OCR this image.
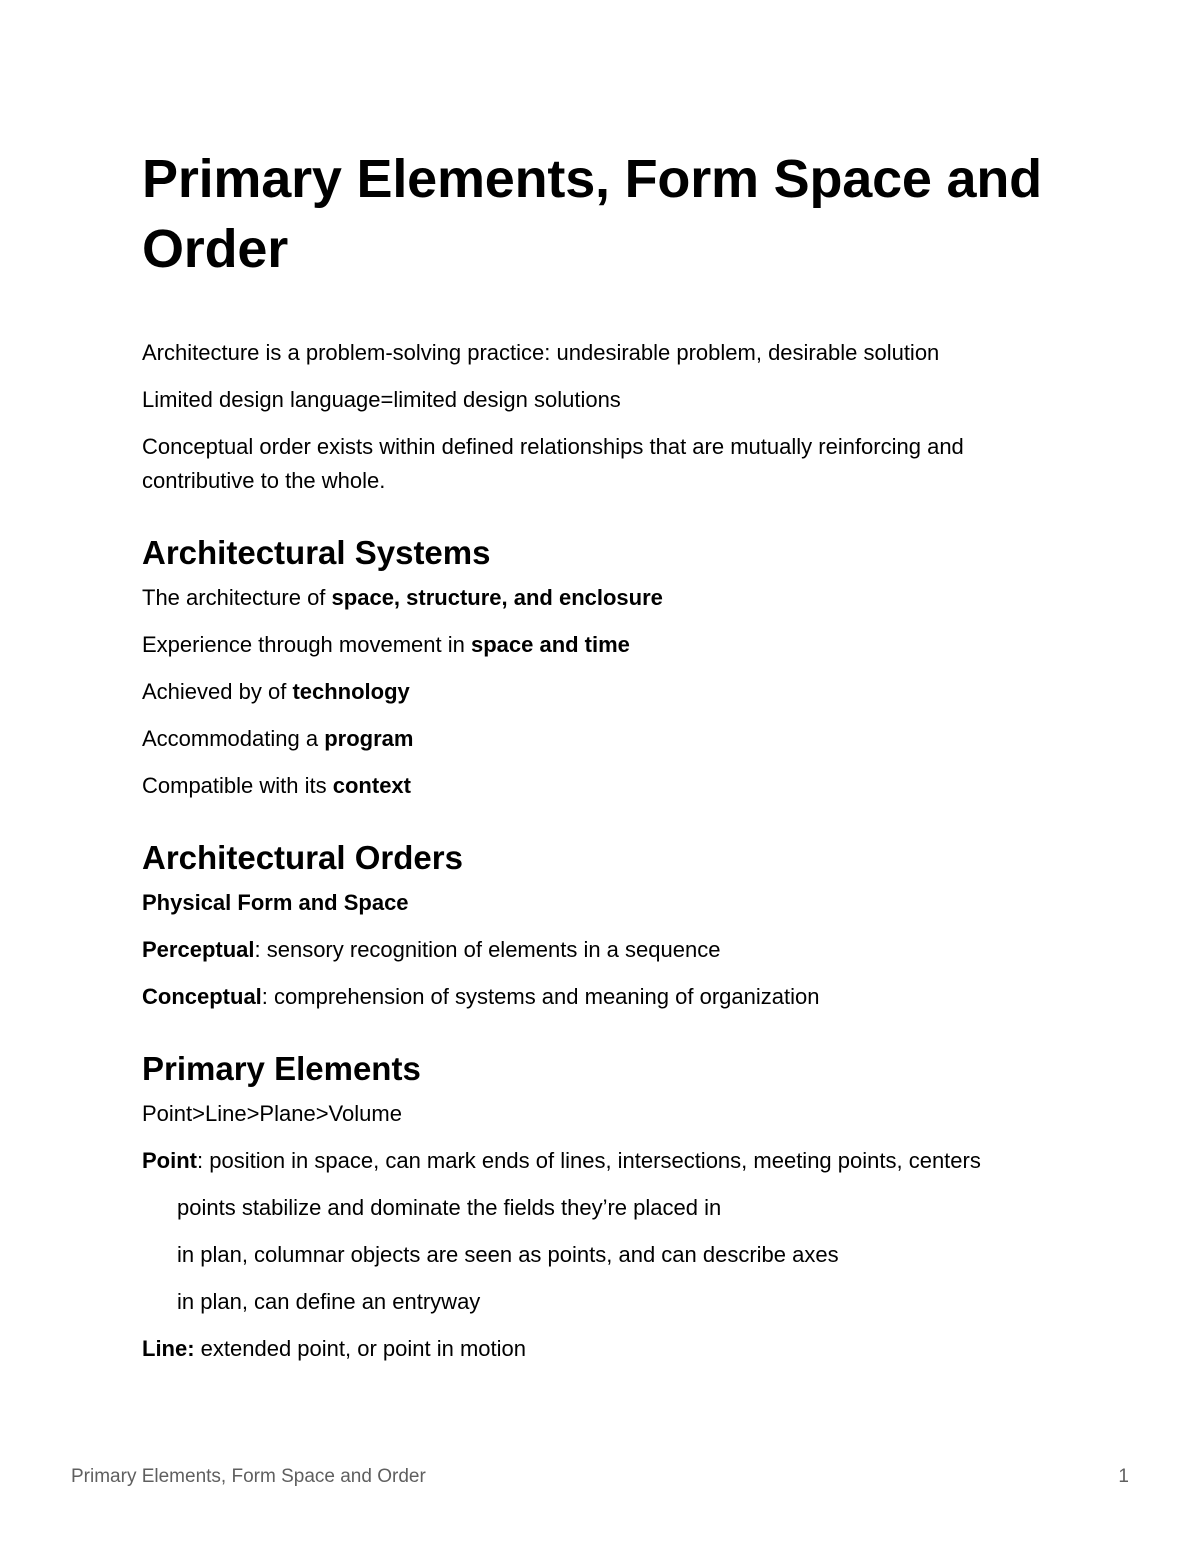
Primary Elements, Form Space and Order

Architecture is a problem-solving practice: undesirable problem, desirable solution

Limited design language=limited design solutions

Conceptual order exists within defined relationships that are mutually reinforcing and contributive to the whole.

Architectural Systems

The architecture of space, structure, and enclosure

Experience through movement in space and time

Achieved by of technology

Accommodating a program

Compatible with its context

Architectural Orders

Physical Form and Space

Perceptual: sensory recognition of elements in a sequence

Conceptual: comprehension of systems and meaning of organization

Primary Elements

Point>Line>Plane>Volume

Point: position in space, can mark ends of lines, intersections, meeting points, centers

points stabilize and dominate the fields they’re placed in

in plan, columnar objects are seen as points, and can describe axes

in plan, can define an entryway

Line: extended point, or point in motion

Primary Elements, Form Space and Order	1
